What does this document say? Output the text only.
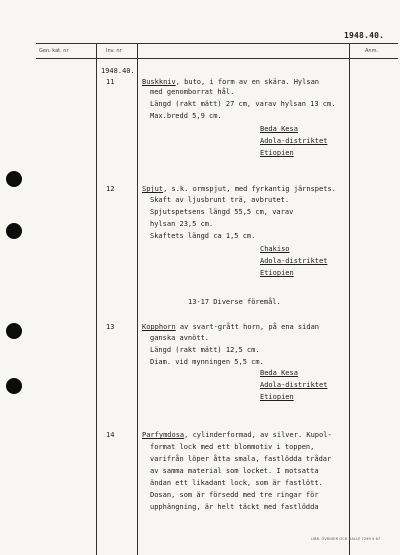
1948.40.
Gen. kat. nr	Inv. nr	Anm.
1948.40.
11	Buskkniv, buto, i form av en skära. Hylsan
med genomborrat hål.
Längd (rakt mätt) 27 cm, varav hylsan 13 cm.
Max.bredd 5,9 cm.
Beda Kesa
Adola-distriktet
Etiopien
12	Spjut, s.k. ormspjut, med fyrkantig järnspets.
Skaft av ljusbrunt trä, avbrutet.
Spjutspetsens längd 55,5 cm, varav
hylsan 23,5 cm.
Skaftets längd ca 1,5 cm.
Chakiso
Adola-distriktet
Etiopien
13-17 Diverse föremål.
13	Kopphorn av svart-grått horn, på ena sidan
ganska avnött.
Längd (rakt mätt) 12,5 cm.
Diam. vid mynningen 5,5 cm.
Beda Kesa
Adola-distriktet
Etiopien
14	Parfymdosa, cylinderformad, av silver. Kupol-
format lock med ett blommotiv i toppen,
varifrån löper åtta smala, fastlödda trådar
av samma material som locket. I motsatta
ändan ett likadant lock, som är fastlött.
Dosan, som är försedd med tre ringar för
upphängning, är helt täckt med fastlödda
LIBR. ÖVRIGER OCH HALLE 7299 9 67
